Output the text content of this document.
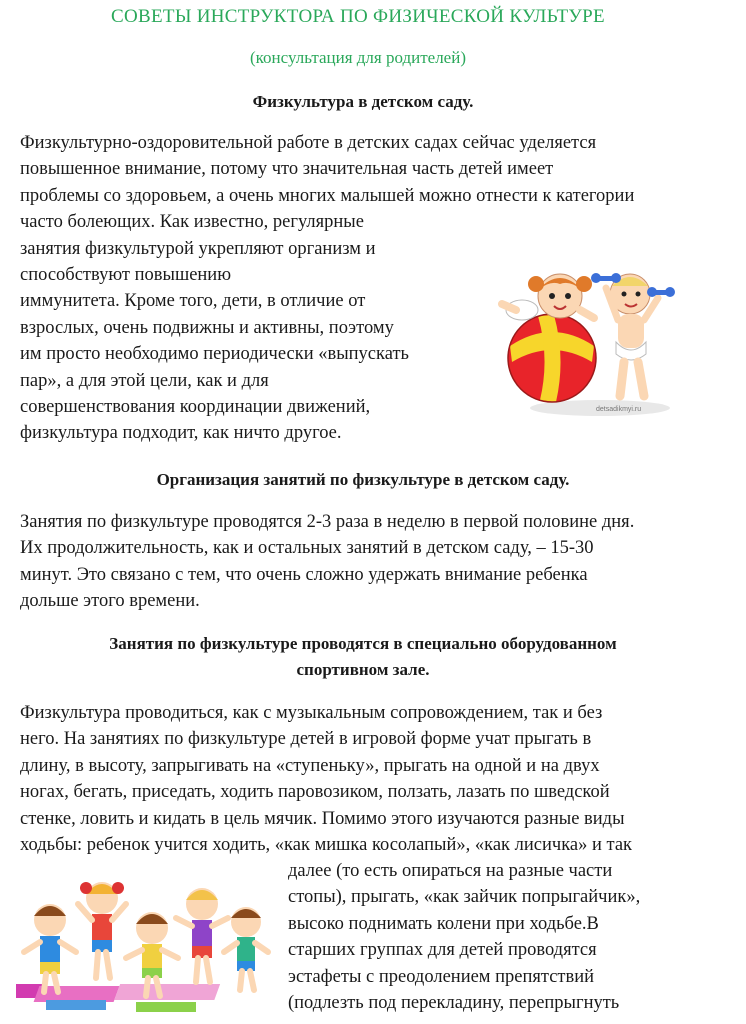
СОВЕТЫ ИНСТРУКТОРА ПО ФИЗИЧЕСКОЙ КУЛЬТУРЕ
(консультация для родителей)
Физкультура в детском саду.
Физкультурно-оздоровительной работе в детских садах сейчас уделяется
повышенное внимание, потому что значительная часть детей имеет
проблемы со здоровьем, а очень многих малышей можно отнести к категории
часто болеющих. Как известно, регулярные
занятия физкультурой укрепляют организм и
способствуют повышению
иммунитета. Кроме того, дети, в отличие от
взрослых, очень подвижны и активны, поэтому
им просто необходимо периодически «выпускать
пар», а для этой цели, как и для
совершенствования координации движений,
физкультура подходит, как ничто другое.
detsadikmyi.ru
Организация занятий по физкультуре в детском саду.
Занятия по физкультуре проводятся 2-3 раза в неделю в первой половине дня.
Их продолжительность, как и остальных занятий в детском саду, – 15-30
минут. Это связано с тем, что очень сложно удержать внимание ребенка
дольше этого времени.
Занятия по физкультуре проводятся в специально оборудованном
спортивном зале.
Физкультура проводиться, как с музыкальным сопровождением, так и без
него. На занятиях по физкультуре детей в игровой форме учат прыгать в
длину, в высоту, запрыгивать на «ступеньку», прыгать на одной и на двух
ногах, бегать, приседать, ходить паровозиком, ползать, лазать по шведской
стенке, ловить и кидать в цель мячик. Помимо этого изучаются разные виды
ходьбы: ребенок учится ходить, «как мишка косолапый», «как лисичка» и так
далее (то есть опираться на разные части
стопы), прыгать, «как зайчик попрыгайчик»,
высоко поднимать колени при ходьбе.В
старших группах для детей проводятся
эстафеты с преодолением препятствий
(подлезть под перекладину, перепрыгнуть
